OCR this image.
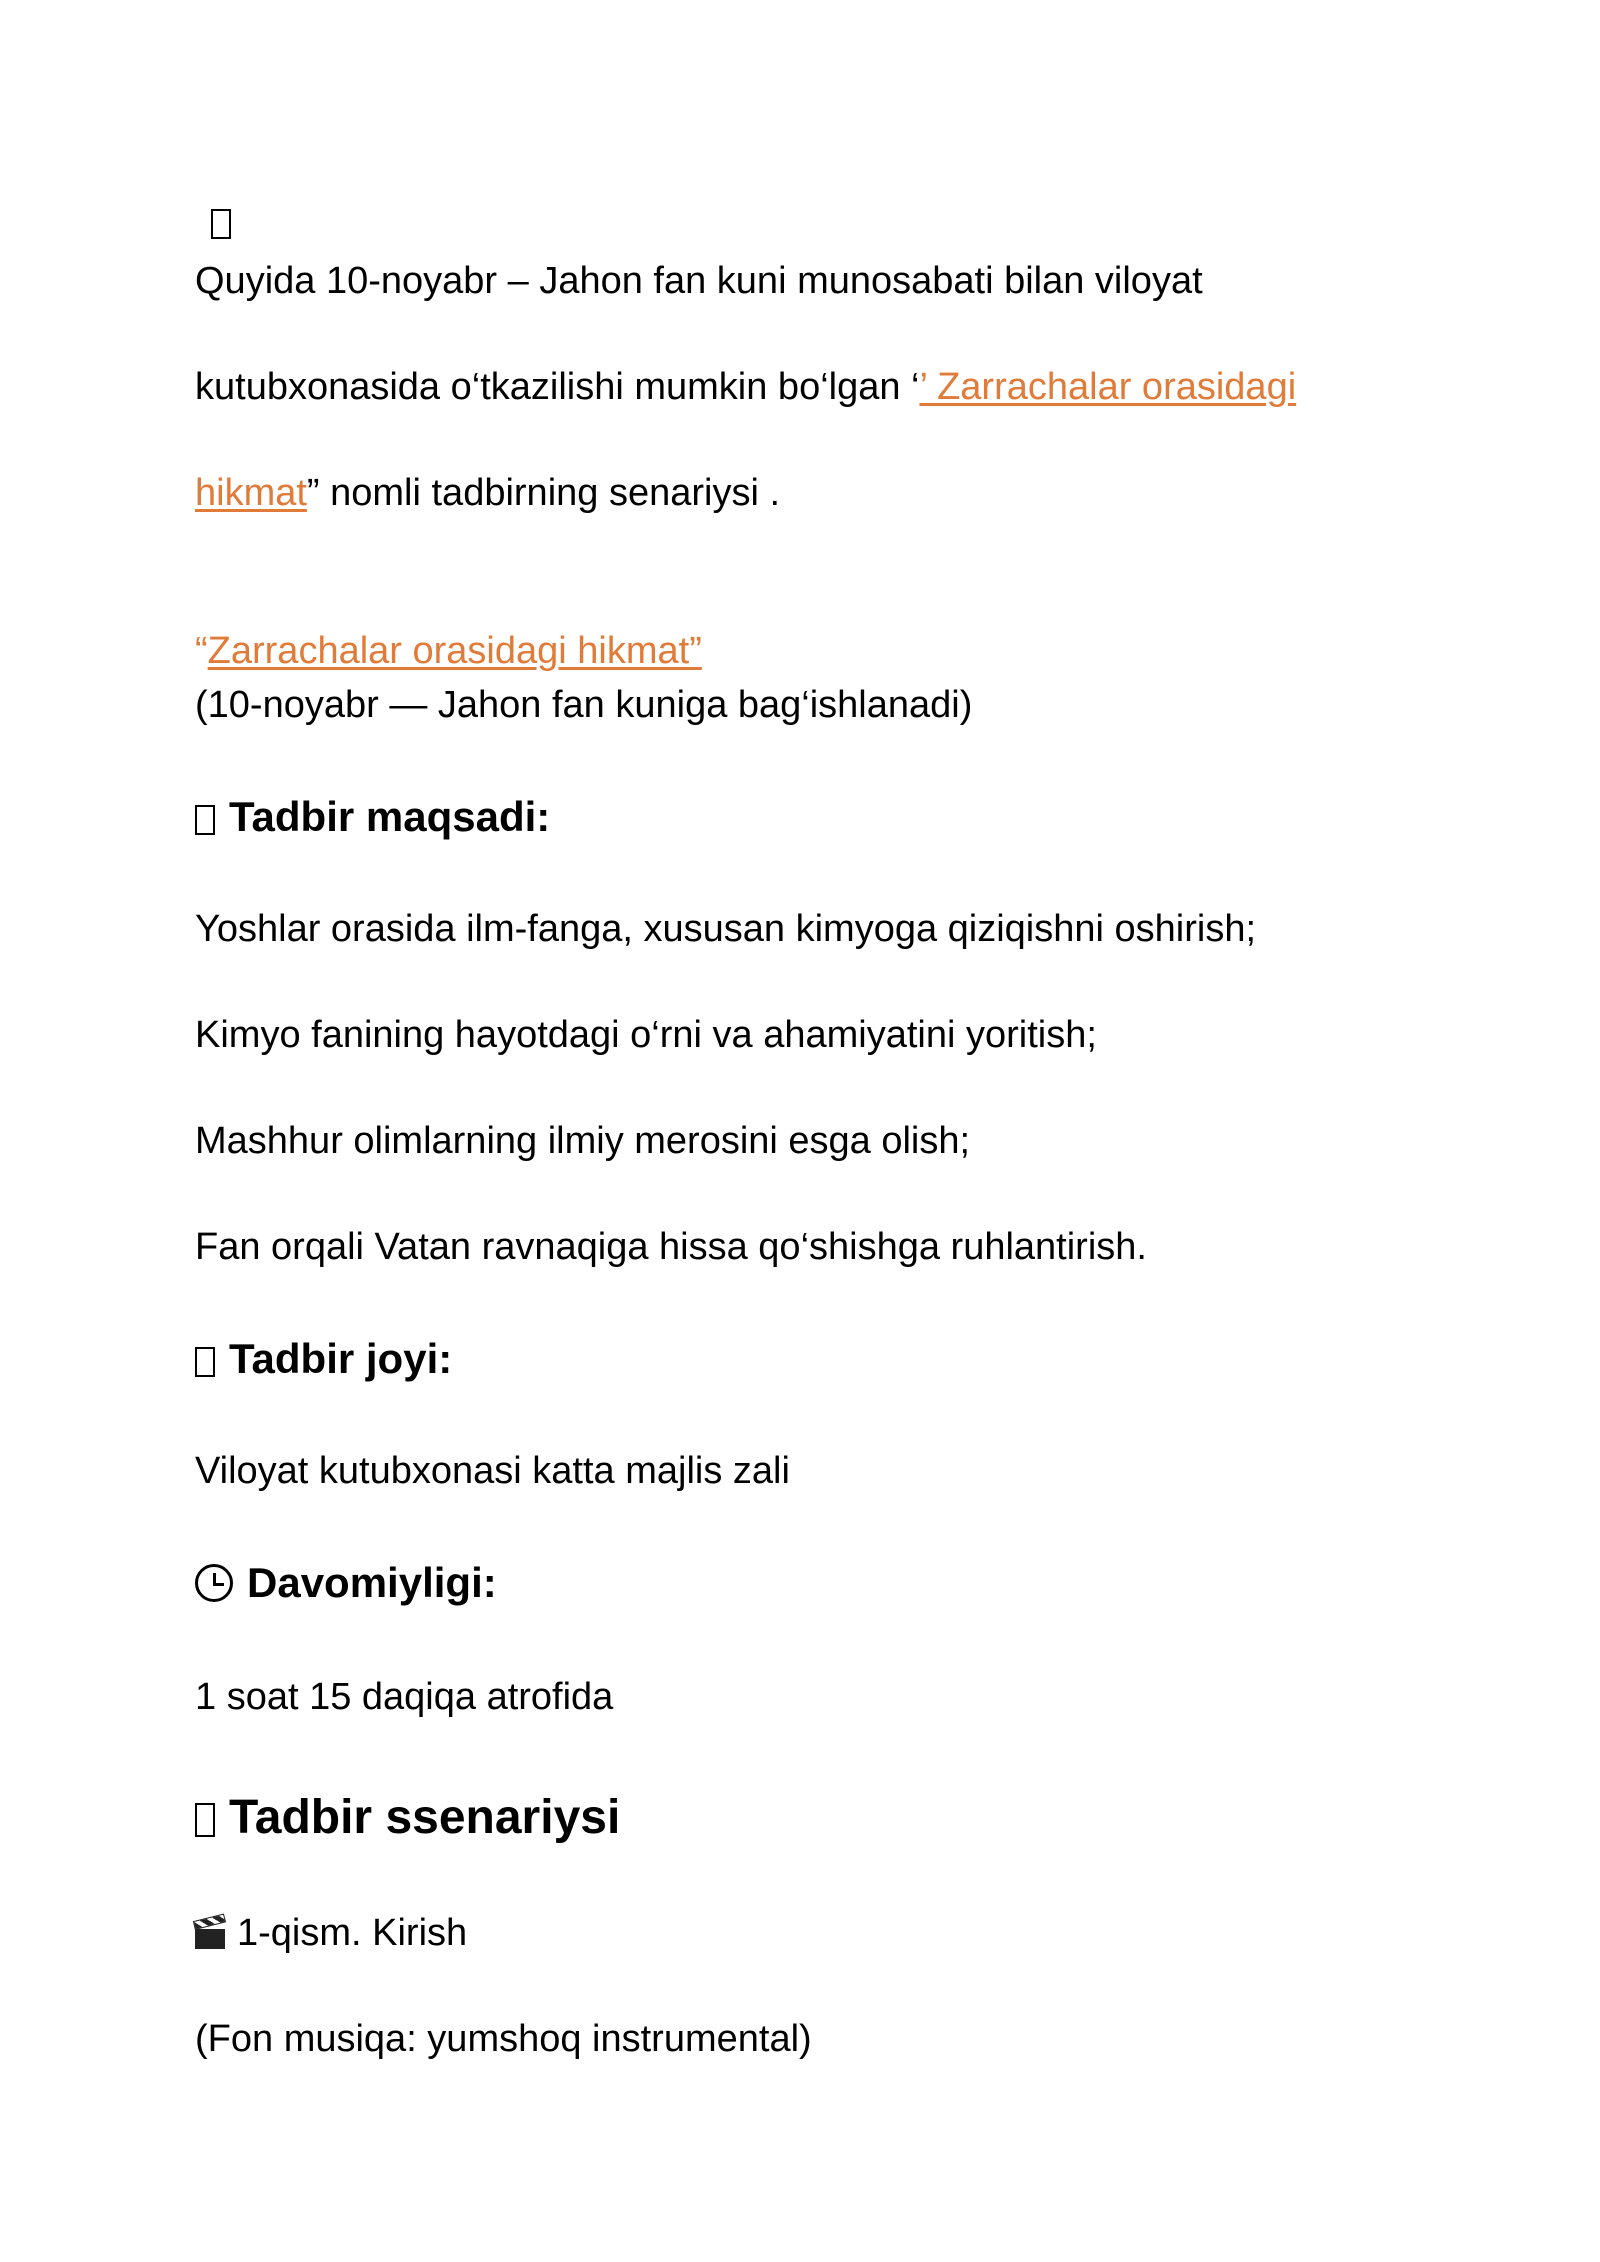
Quyida 10-noyabr – Jahon fan kuni munosabati bilan viloyat
kutubxonasida o‘tkazilishi mumkin bo‘lgan ‘’ Zarrachalar orasidagi
hikmat” nomli tadbirning senariysi .
“Zarrachalar orasidagi hikmat”
(10-noyabr — Jahon fan kuniga bag‘ishlanadi)
Tadbir maqsadi:
Yoshlar orasida ilm-fanga, xususan kimyoga qiziqishni oshirish;
Kimyo fanining hayotdagi o‘rni va ahamiyatini yoritish;
Mashhur olimlarning ilmiy merosini esga olish;
Fan orqali Vatan ravnaqiga hissa qo‘shishga ruhlantirish.
Tadbir joyi:
Viloyat kutubxonasi katta majlis zali
Davomiyligi:
1 soat 15 daqiqa atrofida
Tadbir ssenariysi
1-qism. Kirish
(Fon musiqa: yumshoq instrumental)
